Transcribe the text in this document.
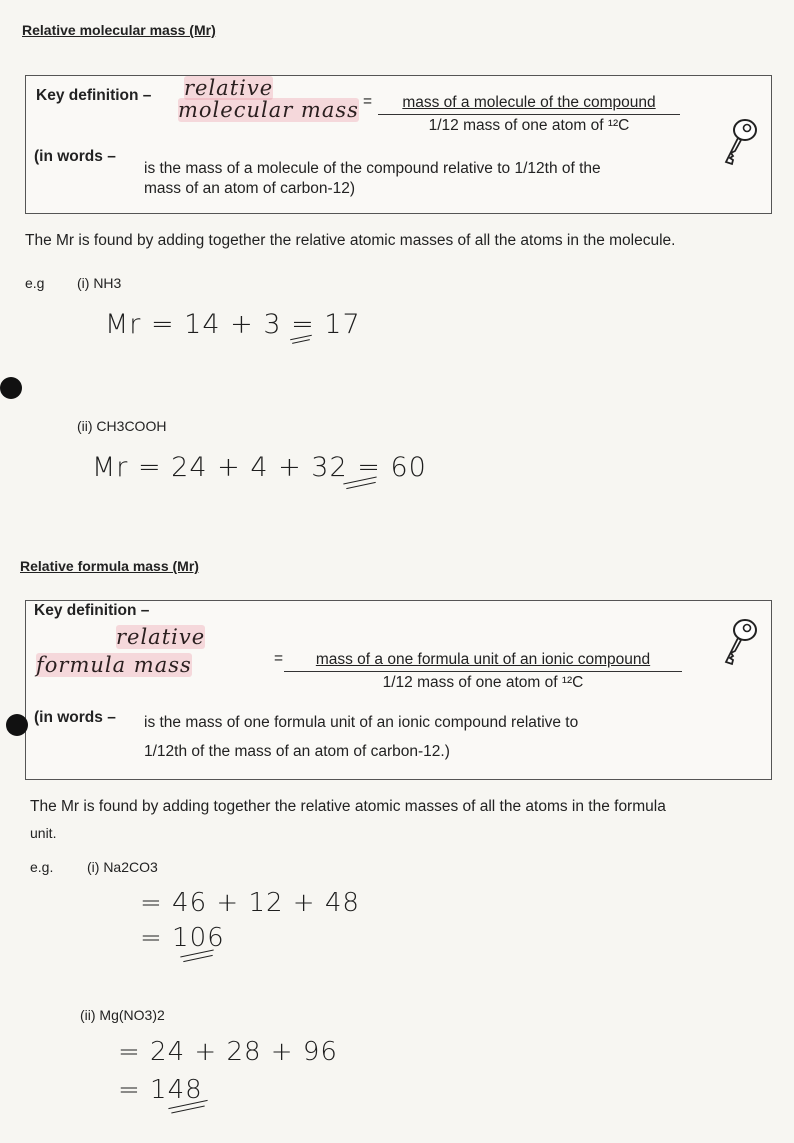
Relative molecular mass (Mr)
Key definition – relative
molecular mass =	mass of a molecule of the compound
1/12 mass of one atom of ¹²C
(in words –
is the mass of a molecule of the compound relative to 1/12th of the
mass of an atom of carbon-12)
The Mr is found by adding together the relative atomic masses of all the atoms in the molecule.
e.g (i) NH3
Mr = 14 + 3 = 17
(ii) CH3COOH
Mr = 24 + 4 + 32 = 60
Relative formula mass (Mr)
Key definition –
relative
formula mass	=	mass of a one formula unit of an ionic compound
1/12 mass of one atom of ¹²C
(in words – is the mass of one formula unit of an ionic compound relative to
1/12th of the mass of an atom of carbon-12.)
The Mr is found by adding together the relative atomic masses of all the atoms in the formula
unit.
e.g. (i) Na2CO3
= 46 + 12 + 48
= 106
(ii) Mg(NO3)2
= 24 + 28 + 96
= 148
